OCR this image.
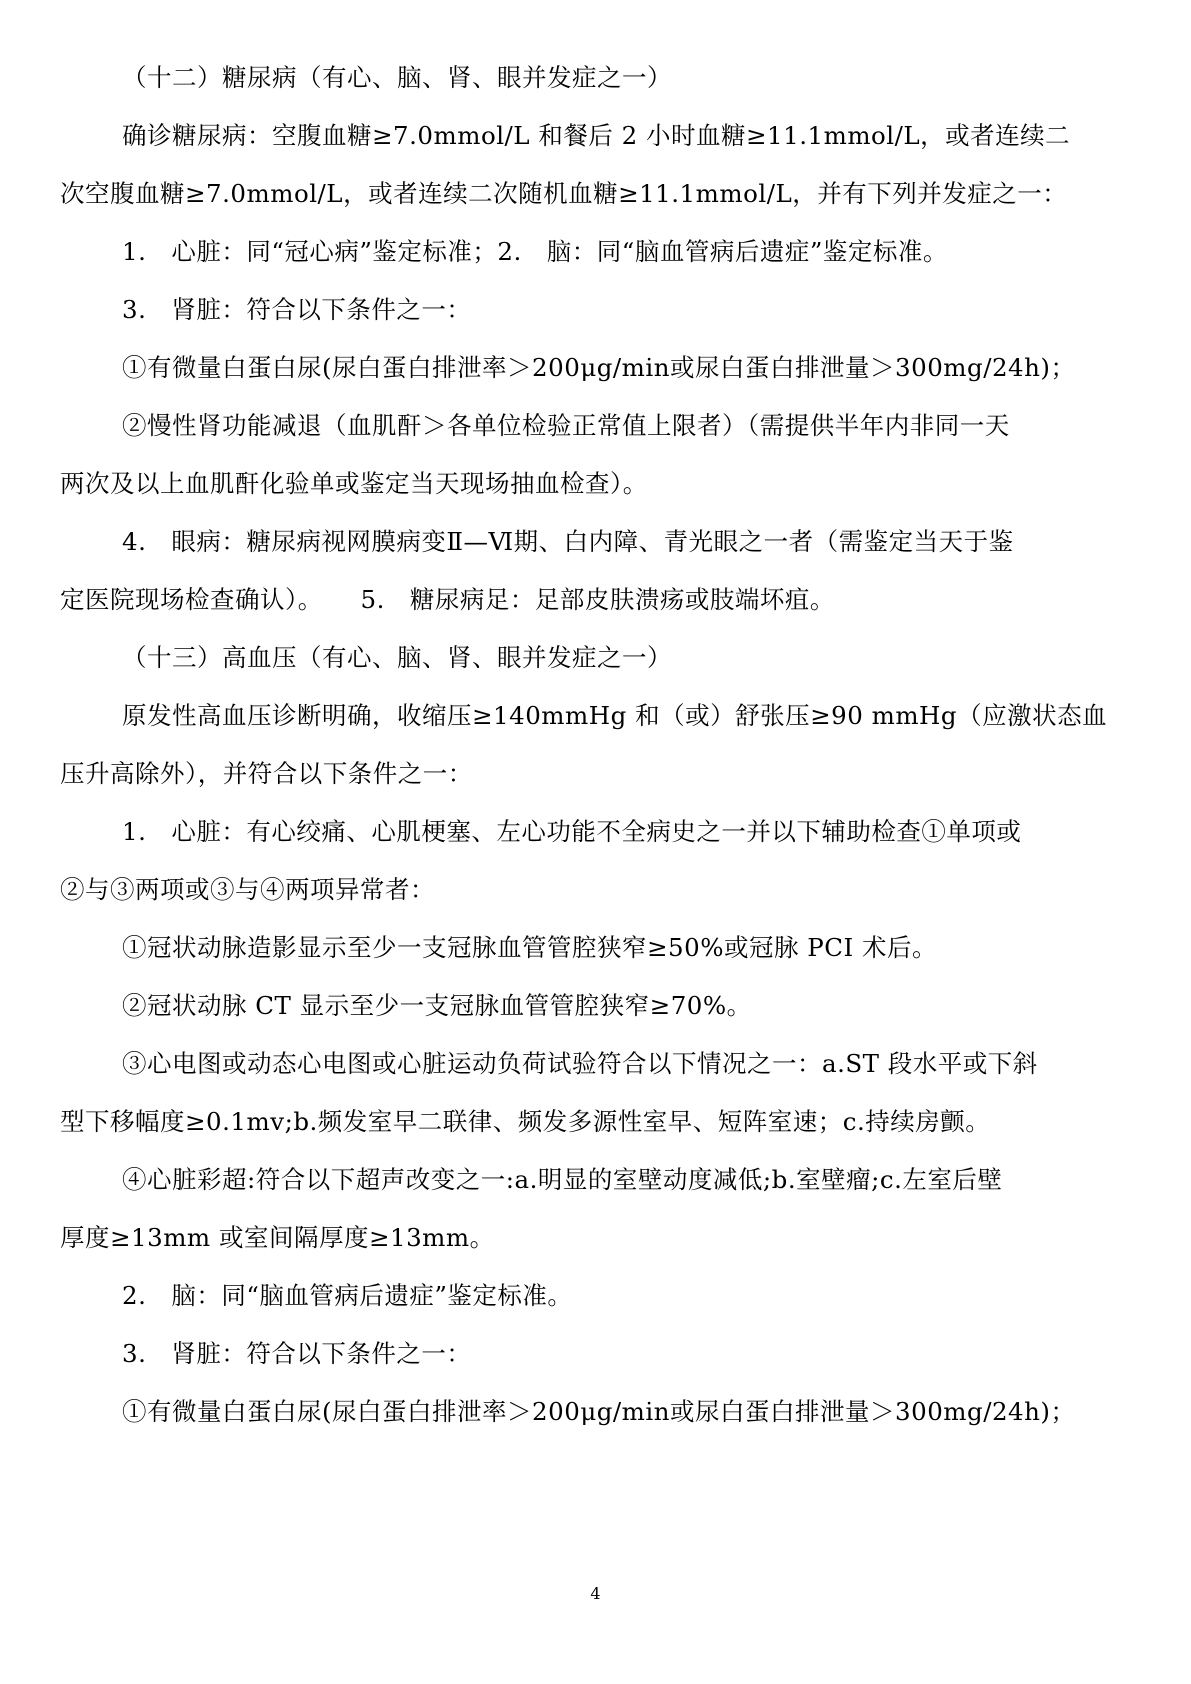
（十二）糖尿病（有心、脑、肾、眼并发症之一）
确诊糖尿病：空腹血糖≥7.0mmol/L 和餐后 2 小时血糖≥11.1mmol/L，或者连续二
次空腹血糖≥7.0mmol/L，或者连续二次随机血糖≥11.1mmol/L，并有下列并发症之一：
1.　心脏：同“冠心病”鉴定标准；2.　脑：同“脑血管病后遗症”鉴定标准。
3.　肾脏：符合以下条件之一：
①有微量白蛋白尿(尿白蛋白排泄率＞200μg/min或尿白蛋白排泄量＞300mg/24h)；
②慢性肾功能减退（血肌酐＞各单位检验正常值上限者）（需提供半年内非同一天
两次及以上血肌酐化验单或鉴定当天现场抽血检查）。
4.　眼病：糖尿病视网膜病变Ⅱ—Ⅵ期、白内障、青光眼之一者（需鉴定当天于鉴
定医院现场检查确认）。　　5.　糖尿病足：足部皮肤溃疡或肢端坏疽。
（十三）高血压（有心、脑、肾、眼并发症之一）
原发性高血压诊断明确，收缩压≥140mmHg 和（或）舒张压≥90 mmHg（应激状态血
压升高除外），并符合以下条件之一：
1.　心脏：有心绞痛、心肌梗塞、左心功能不全病史之一并以下辅助检查①单项或
②与③两项或③与④两项异常者：
①冠状动脉造影显示至少一支冠脉血管管腔狭窄≥50%或冠脉 PCI 术后。
②冠状动脉 CT 显示至少一支冠脉血管管腔狭窄≥70%。
③心电图或动态心电图或心脏运动负荷试验符合以下情况之一：a.ST 段水平或下斜
型下移幅度≥0.1mv;b.频发室早二联律、频发多源性室早、短阵室速；c.持续房颤。
④心脏彩超:符合以下超声改变之一:a.明显的室壁动度减低;b.室壁瘤;c.左室后壁
厚度≥13mm 或室间隔厚度≥13mm。
2.　脑：同“脑血管病后遗症”鉴定标准。
3.　肾脏：符合以下条件之一：
①有微量白蛋白尿(尿白蛋白排泄率＞200μg/min或尿白蛋白排泄量＞300mg/24h)；
4
